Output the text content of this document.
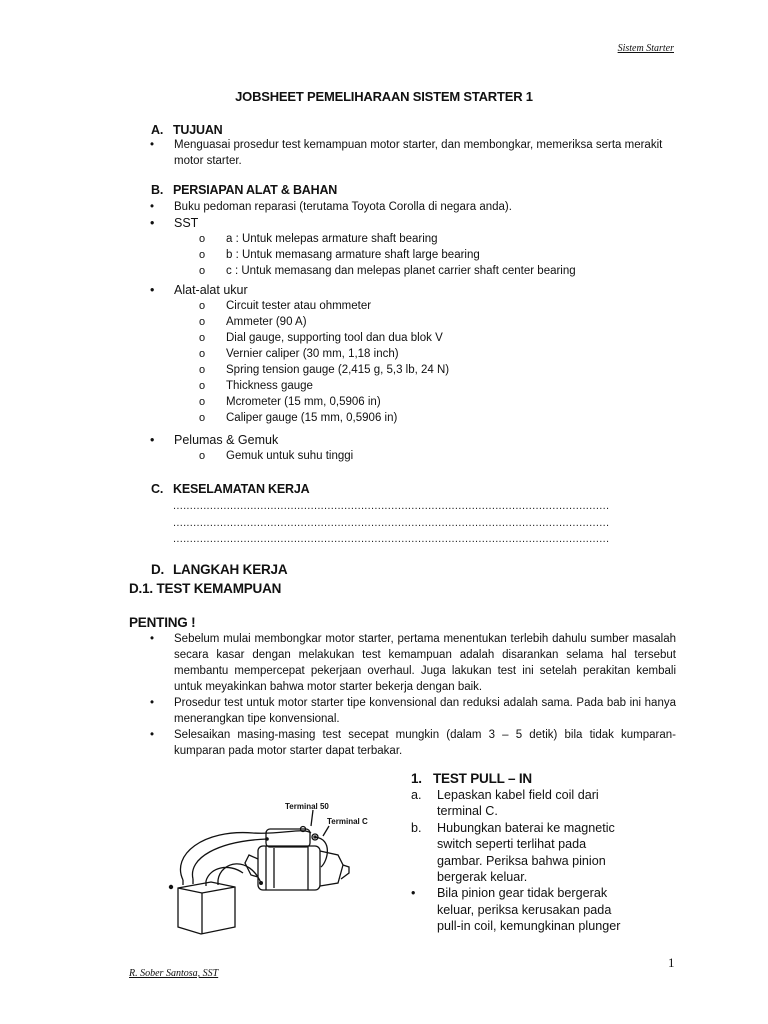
Sistem Starter
JOBSHEET PEMELIHARAAN SISTEM STARTER 1
A. TUJUAN
• Menguasai prosedur test kemampuan motor starter, dan membongkar, memeriksa serta merakit motor starter.
B. PERSIAPAN ALAT & BAHAN
• Buku pedoman reparasi (terutama Toyota Corolla di negara anda).
• SST
o a : Untuk melepas armature shaft bearing
o b : Untuk memasang armature shaft large bearing
o c : Untuk memasang dan melepas planet carrier shaft center bearing
• Alat-alat ukur
o Circuit tester atau ohmmeter
o Ammeter (90 A)
o Dial gauge, supporting tool dan dua blok V
o Vernier caliper (30 mm, 1,18 inch)
o Spring tension gauge (2,415 g, 5,3 lb, 24 N)
o Thickness gauge
o Mcrometer (15 mm, 0,5906 in)
o Caliper gauge (15 mm, 0,5906 in)
• Pelumas & Gemuk
o Gemuk untuk suhu tinggi
C. KESELAMATAN KERJA
..................................................................................................................................
..................................................................................................................................
..................................................................................................................................
D. LANGKAH KERJA
D.1. TEST KEMAMPUAN
PENTING !
• Sebelum mulai membongkar motor starter, pertama menentukan terlebih dahulu sumber masalah secara kasar dengan melakukan test kemampuan adalah disarankan selama hal tersebut membantu mempercepat pekerjaan overhaul. Juga lakukan test ini setelah perakitan kembali untuk meyakinkan bahwa motor starter bekerja dengan baik.
• Prosedur test untuk motor starter tipe konvensional dan reduksi adalah sama. Pada bab ini hanya menerangkan tipe konvensional.
• Selesaikan masing-masing test secepat mungkin (dalam 3 – 5 detik) bila tidak kumparan-kumparan pada motor starter dapat terbakar.
1. TEST PULL – IN
a. Lepaskan kabel field coil dari terminal C.
b. Hubungkan baterai ke magnetic switch seperti terlihat pada gambar. Periksa bahwa pinion bergerak keluar.
• Bila pinion gear tidak bergerak keluar, periksa kerusakan pada pull-in coil, kemungkinan plunger
Terminal 50
Terminal C
1
R. Sober Santosa, SST
